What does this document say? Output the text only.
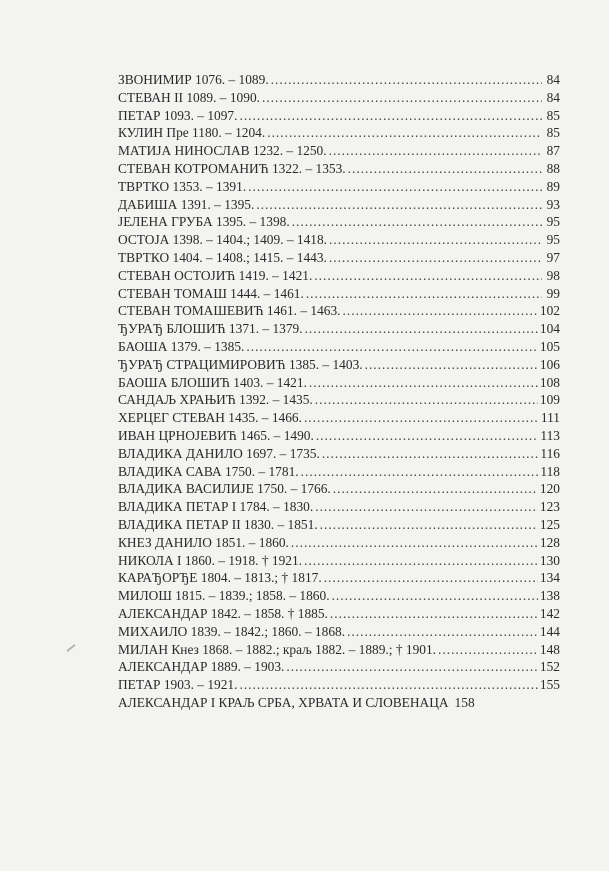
ЗВОНИМИР 1076. – 1089. .....	84
СТЕВАН II 1089. – 1090. .....	84
ПЕТАР 1093. – 1097. .....	85
КУЛИН Пре 1180. – 1204. .....	85
МАТИЈА НИНОСЛАВ 1232. – 1250. .....	87
СТЕВАН КОТРОМАНИЋ 1322. – 1353. .....	88
ТВРТКО 1353. – 1391. .....	89
ДАБИША 1391. – 1395. .....	93
ЈЕЛЕНА ГРУБА 1395. – 1398. .....	95
ОСТОЈА 1398. – 1404.; 1409. – 1418. .....	95
ТВРТКО 1404. – 1408.; 1415. – 1443. .....	97
СТЕВАН ОСТОЈИЋ 1419. – 1421. .....	98
СТЕВАН ТОМАШ 1444. – 1461. .....	99
СТЕВАН ТОМАШЕВИЋ 1461. – 1463. .....	102
ЂУРАЂ БЛОШИЋ 1371. – 1379. .....	104
БАОША 1379. – 1385. .....	105
ЂУРАЂ СТРАЦИМИРОВИЋ 1385. – 1403. .....	106
БАОША БЛОШИЋ 1403. – 1421. .....	108
САНДАЉ ХРАЊИЋ 1392. – 1435. .....	109
ХЕРЦЕГ СТЕВАН 1435. – 1466. .....	111
ИВАН ЦРНОЈЕВИЋ 1465. – 1490. .....	113
ВЛАДИКА ДАНИЛО 1697. – 1735. .....	116
ВЛАДИКА САВА 1750. – 1781. .....	118
ВЛАДИКА ВАСИЛИЈЕ 1750. – 1766. .....	120
ВЛАДИКА ПЕТАР I 1784. – 1830. .....	123
ВЛАДИКА ПЕТАР II 1830. – 1851. .....	125
КНЕЗ ДАНИЛО 1851. – 1860. .....	128
НИКОЛА I 1860. – 1918. † 1921. .....	130
КАРАЂОРЂЕ 1804. – 1813.; † 1817. .....	134
МИЛОШ 1815. – 1839.; 1858. – 1860. .....	138
АЛЕКСАНДАР 1842. – 1858. † 1885. .....	142
МИХАИЛО 1839. – 1842.; 1860. – 1868. .....	144
МИЛАН Кнез 1868. – 1882.; краљ 1882. – 1889.; † 1901. .....	148
АЛЕКСАНДАР 1889. – 1903. .....	152
ПЕТАР 1903. – 1921. .....	155
АЛЕКСАНДАР I КРАЉ СРБА, ХРВАТА И СЛОВЕНАЦА 158
